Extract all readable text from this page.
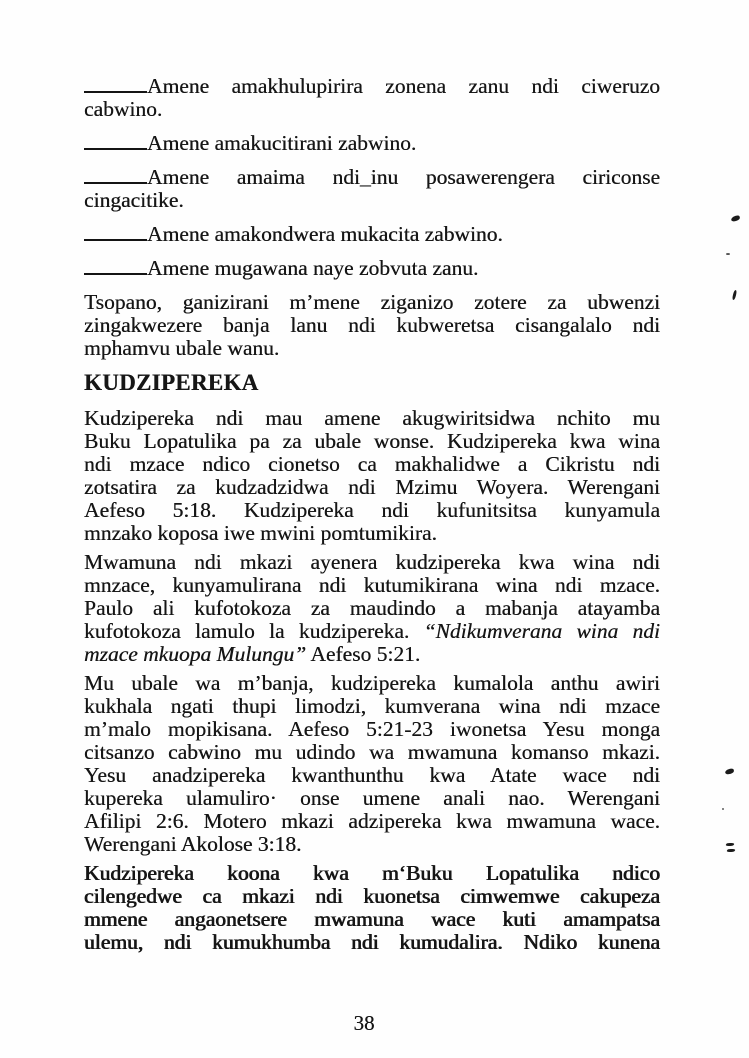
Amene amakhulupirira zonena zanu ndi ciweruzo
cabwino.
Amene amakucitirani zabwino.
Amene amaima ndi_inu posawerengera ciriconse
cingacitike.
Amene amakondwera mukacita zabwino.
Amene mugawana naye zobvuta zanu.
Tsopano, ganizirani m’mene ziganizo zotere za ubwenzi
zingakwezere banja lanu ndi kubweretsa cisangalalo ndi
mphamvu ubale wanu.
KUDZIPEREKA
Kudzipereka ndi mau amene akugwiritsidwa nchito mu
Buku Lopatulika pa za ubale wonse. Kudzipereka kwa wina
ndi mzace ndico cionetso ca makhalidwe a Cikristu ndi
zotsatira za kudzadzidwa ndi Mzimu Woyera. Werengani
Aefeso 5:18. Kudzipereka ndi kufunitsitsa kunyamula
mnzako koposa iwe mwini pomtumikira.
Mwamuna ndi mkazi ayenera kudzipereka kwa wina ndi
mnzace, kunyamulirana ndi kutumikirana wina ndi mzace.
Paulo ali kufotokoza za maudindo a mabanja atayamba
kufotokoza lamulo la kudzipereka. “Ndikumverana wina ndi
mzace mkuopa Mulungu” Aefeso 5:21.
Mu ubale wa m’banja, kudzipereka kumalola anthu awiri
kukhala ngati thupi limodzi, kumverana wina ndi mzace
m’malo mopikisana. Aefeso 5:21-23 iwonetsa Yesu monga
citsanzo cabwino mu udindo wa mwamuna komanso mkazi.
Yesu anadzipereka kwanthunthu kwa Atate wace ndi
kupereka ulamuliro· onse umene anali nao. Werengani
Afilipi 2:6. Motero mkazi adzipereka kwa mwamuna wace.
Werengani Akolose 3:18.
Kudzipereka koona kwa m‘Buku Lopatulika ndico
cilengedwe ca mkazi ndi kuonetsa cimwemwe cakupeza
mmene angaonetsere mwamuna wace kuti amampatsa
ulemu, ndi kumukhumba ndi kumudalira. Ndiko kunena
38
